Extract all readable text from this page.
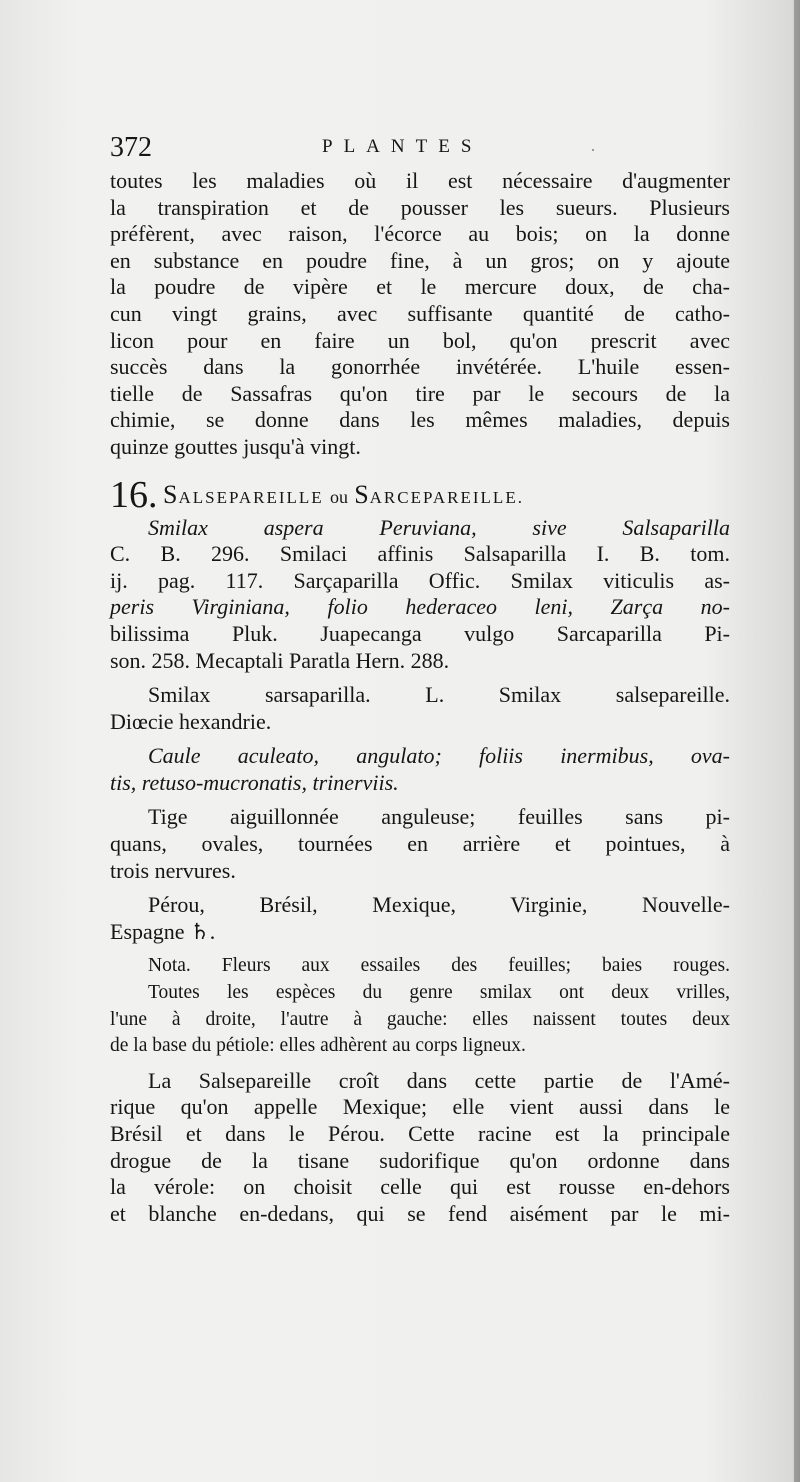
·
372	PLANTES
toutes les maladies où il est nécessaire d'augmenter
la transpiration et de pousser les sueurs. Plusieurs
préfèrent, avec raison, l'écorce au bois; on la donne
en substance en poudre fine, à un gros; on y ajoute
la poudre de vipère et le mercure doux, de cha-
cun vingt grains, avec suffisante quantité de catho-
licon pour en faire un bol, qu'on prescrit avec
succès dans la gonorrhée invétérée. L'huile essen-
tielle de Sassafras qu'on tire par le secours de la
chimie, se donne dans les mêmes maladies, depuis
quinze gouttes jusqu'à vingt.
16. SALSEPAREILLE ou SARCEPAREILLE.
Smilax aspera Peruviana, sive Salsaparilla
C. B. 296. Smilaci affinis Salsaparilla I. B. tom.
ij. pag. 117. Sarçaparilla Offic. Smilax viticulis as-
peris Virginiana, folio hederaceo leni, Zarça no-
bilissima Pluk. Juapecanga vulgo Sarcaparilla Pi-
son. 258. Mecaptali Paratla Hern. 288.
Smilax sarsaparilla. L. Smilax salsepareille.
Diœcie hexandrie.
Caule aculeato, angulato; foliis inermibus, ova-
tis, retuso-mucronatis, trinerviis.
Tige aiguillonnée anguleuse; feuilles sans pi-
quans, ovales, tournées en arrière et pointues, à
trois nervures.
Pérou, Brésil, Mexique, Virginie, Nouvelle-
Espagne ♄.
Nota. Fleurs aux essailes des feuilles; baies rouges.
Toutes les espèces du genre smilax ont deux vrilles,
l'une à droite, l'autre à gauche: elles naissent toutes deux
de la base du pétiole: elles adhèrent au corps ligneux.
La Salsepareille croît dans cette partie de l'Amé-
rique qu'on appelle Mexique; elle vient aussi dans le
Brésil et dans le Pérou. Cette racine est la principale
drogue de la tisane sudorifique qu'on ordonne dans
la vérole: on choisit celle qui est rousse en-dehors
et blanche en-dedans, qui se fend aisément par le mi-
